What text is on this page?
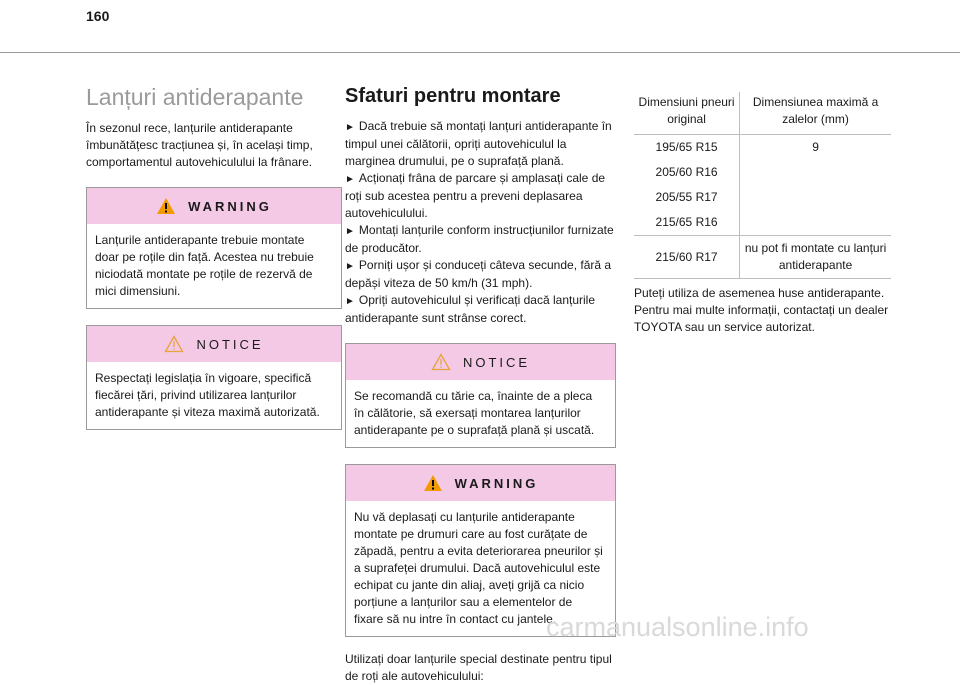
160
Lanțuri antiderapante

În sezonul rece, lanțurile antiderapante îmbunătățesc tracțiunea și, în același timp, comportamentul autovehiculului la frânare.

WARNING
Lanțurile antiderapante trebuie montate doar pe roțile din față. Acestea nu trebuie niciodată montate pe roțile de rezervă de mici dimensiuni.
NOTICE
Respectați legislația în vigoare, specifică fiecărei țări, privind utilizarea lanțurilor antiderapante și viteza maximă autorizată.
Sfaturi pentru montare
► Dacă trebuie să montați lanțuri antiderapante în timpul unei călătorii, opriți autovehiculul la marginea drumului, pe o suprafață plană.
► Acționați frâna de parcare și amplasați cale de roți sub acestea pentru a preveni deplasarea autovehiculului.
► Montați lanțurile conform instrucțiunilor furnizate de producător.
► Porniți ușor și conduceți câteva secunde, fără a depăși viteza de 50 km/h (31 mph).
► Opriți autovehiculul și verificați dacă lanțurile antiderapante sunt strânse corect.
NOTICE
Se recomandă cu tărie ca, înainte de a pleca în călătorie, să exersați montarea lanțurilor antiderapante pe o suprafață plană și uscată.
WARNING
Nu vă deplasați cu lanțurile antiderapante montate pe drumuri care au fost curățate de zăpadă, pentru a evita deteriorarea pneurilor și a suprafeței drumului. Dacă autovehiculul este echipat cu jante din aliaj, aveți grijă ca nicio porțiune a lanțurilor sau a elementelor de fixare să nu intre în contact cu jantele.

Utilizați doar lanțurile special destinate pentru tipul de roți ale autovehiculului:

Dimensiuni pneuri original	Dimensiunea maximă a zalelor (mm)
195/65 R15	9
205/60 R16	
205/55 R17	
215/65 R16	
215/60 R17	nu pot fi montate cu lanțuri antiderapante

Puteți utiliza de asemenea huse antiderapante. Pentru mai multe informații, contactați un dealer TOYOTA sau un service autorizat.

carmanualsonline.info
